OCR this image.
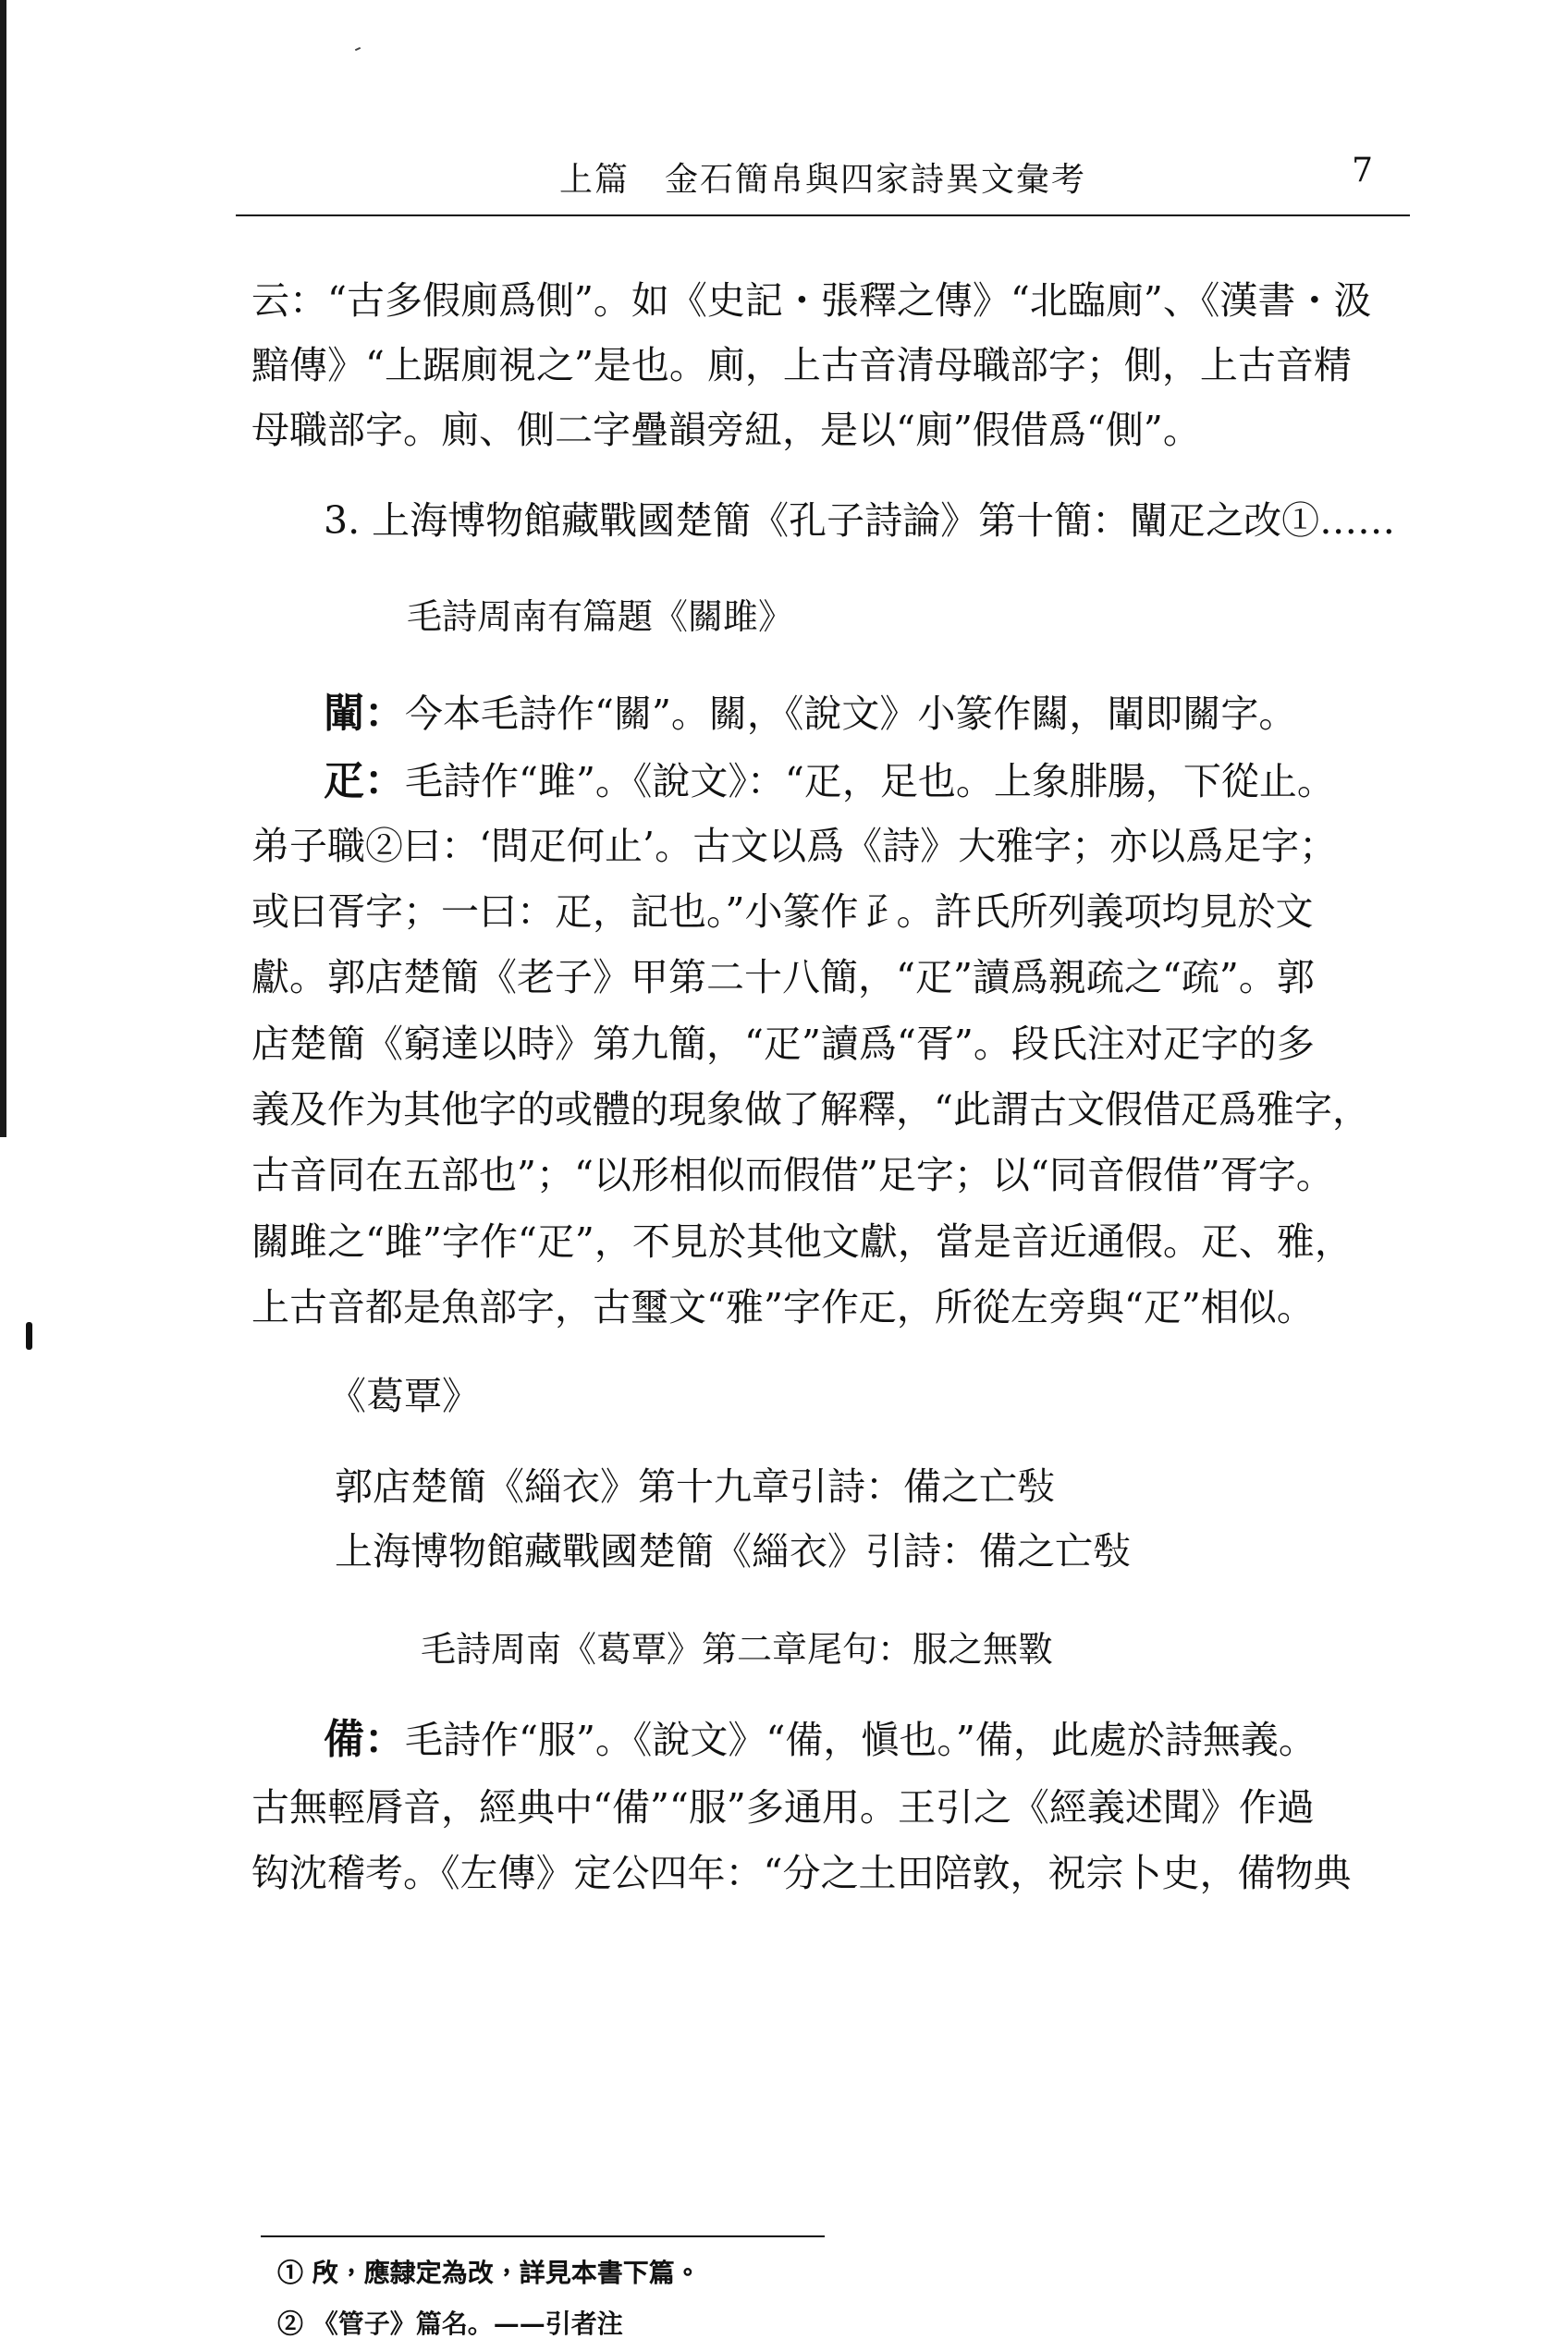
上篇　金石簡帛與四家詩異文彙考	7
云：“古多假廁爲側”。如《史記・張釋之傳》“北臨廁”、《漢書・汲
黯傳》“上踞廁視之”是也。廁，上古音清母職部字；側，上古音精
母職部字。廁、側二字疊韻旁紐，是以“廁”假借爲“側”。
3. 上海博物館藏戰國楚簡《孔子詩論》第十簡：闡疋之改①……
毛詩周南有篇題《關雎》
閳：今本毛詩作“關”。關，《說文》小篆作𨶹，閳即關字。
疋：毛詩作“雎”。《說文》：“疋，足也。上象腓腸，下從止。
弟子職②曰：‘問疋何止’。古文以爲《詩》大雅字；亦以爲足字；
或曰胥字；一曰：疋，記也。”小篆作𤴔。許氏所列義项均見於文
獻。郭店楚簡《老子》甲第二十八簡，“疋”讀爲親疏之“疏”。郭
店楚簡《窮達以時》第九簡，“疋”讀爲“胥”。段氏注对疋字的多
義及作为其他字的或體的現象做了解釋，“此謂古文假借疋爲雅字，
古音同在五部也”；“以形相似而假借”足字；以“同音假借”胥字。
關雎之“雎”字作“疋”，不見於其他文獻，當是音近通假。疋、雅，
上古音都是魚部字，古璽文“雅”字作𤴓，所從左旁與“疋”相似。
《葛覃》
郭店楚簡《緇衣》第十九章引詩：備之亡𢽥
上海博物館藏戰國楚簡《緇衣》引詩：備之亡𢽥
毛詩周南《葛覃》第二章尾句：服之無斁
備：毛詩作“服”。《說文》“備，愼也。”備，此處於詩無義。
古無輕脣音，經典中“備”“服”多通用。王引之《經義述聞》作過
钩沈稽考。《左傳》定公四年：“分之土田陪敦，祝宗卜史，備物典
① 𢼄，應隸定為改，詳見本書下篇。
② 《管子》篇名。——引者注
